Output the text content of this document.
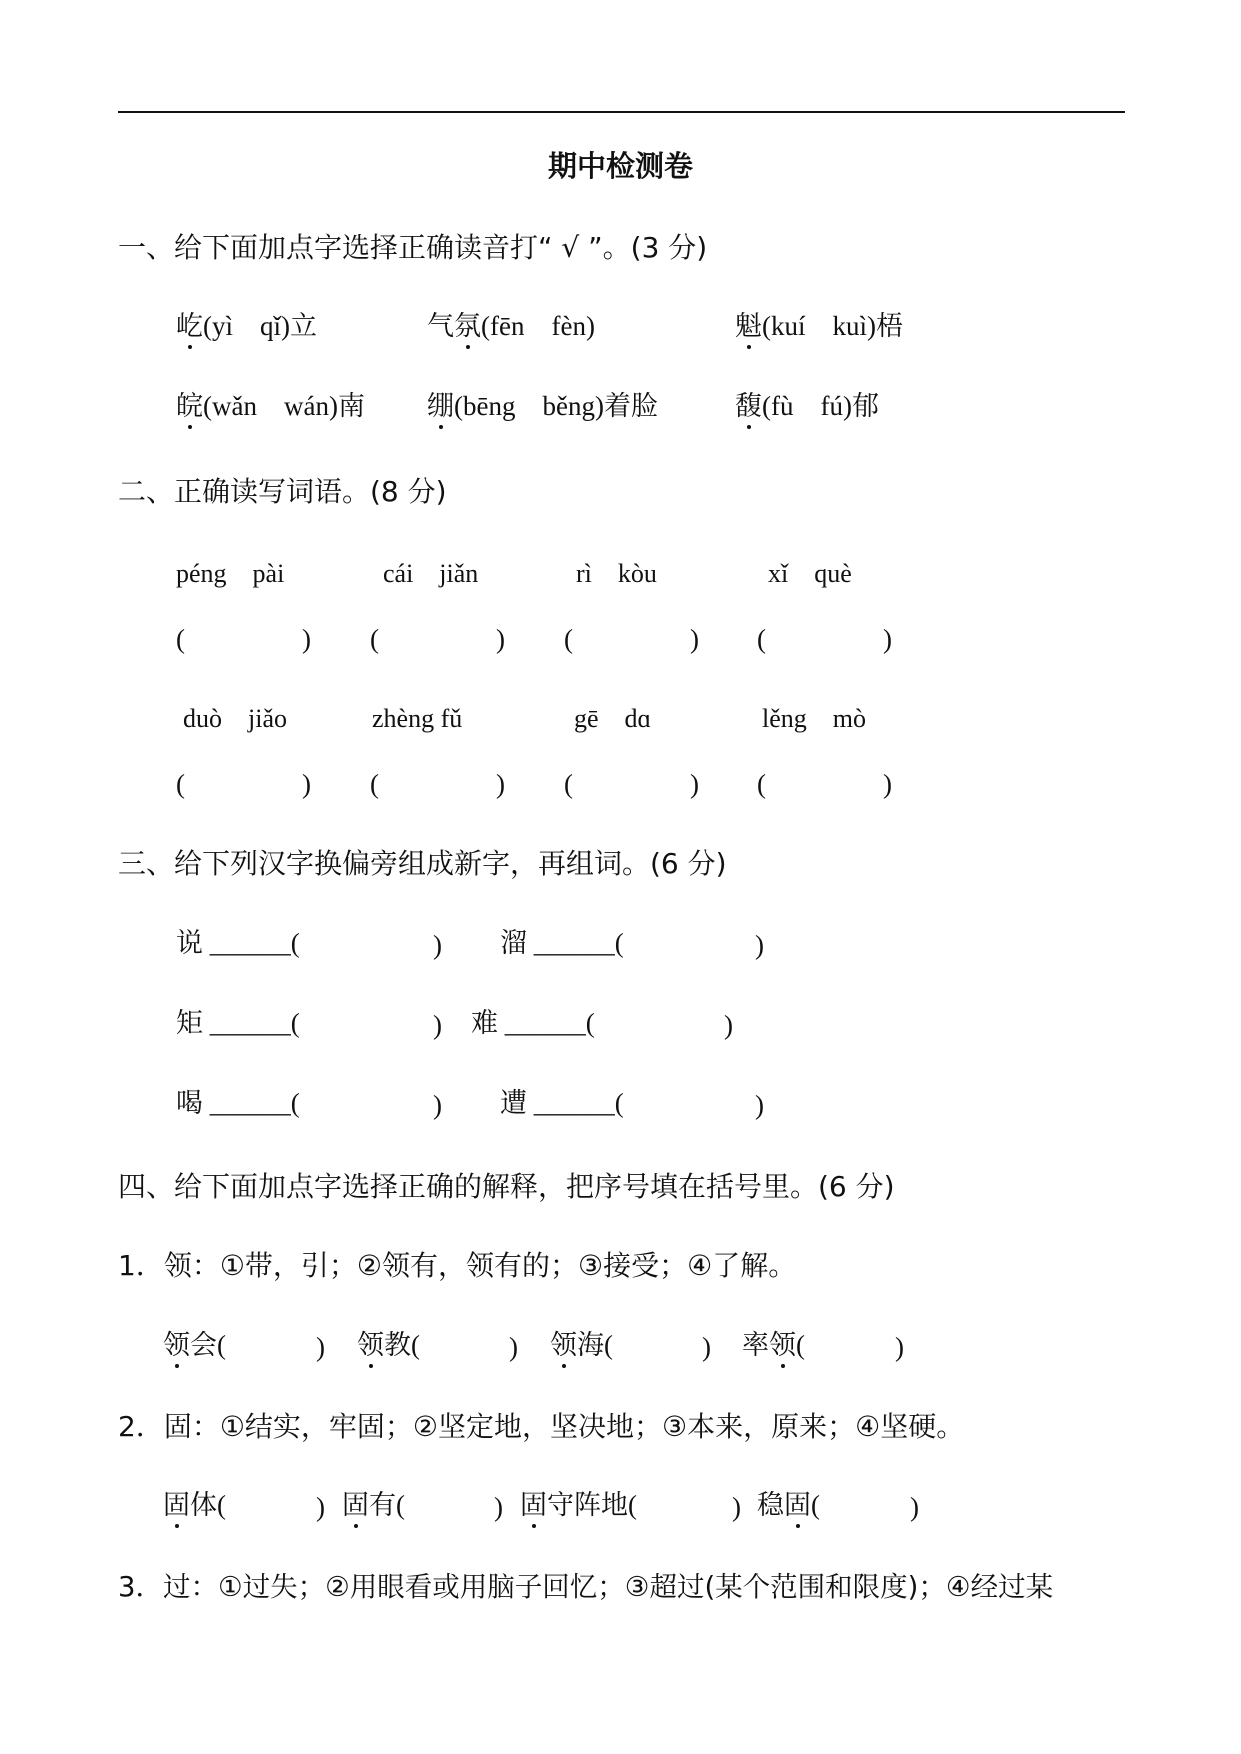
期中检测卷
一、给下面加点字选择正确读音打“ √ ”。(3 分)
屹(yì　qǐ)立	气氛(fēn　fèn)	魁(kuí　kuì)梧
皖(wǎn　wán)南 绷(bēng　běng)着脸	馥(fù　fú)郁
二、正确读写词语。(8 分)
péng　pài	cái　jiǎn	rì　kòu	xǐ　què
(	) (	) (	) (	)
duò　jiǎo	zhèng fǔ	gē　dɑ	lěng　mò
(	) (	) (	) (	)
三、给下列汉字换偏旁组成新字，再组词。(6 分)
说 ______(	) 溜 ______(	)
矩 ______(	) 难 ______(	)
喝 ______(	) 遭 ______(	)
四、给下面加点字选择正确的解释，把序号填在括号里。(6 分)
1．领：①带，引；②领有，领有的；③接受；④了解。
领会(	) 领教(	) 领海(	) 率领(	)
2．固：①结实，牢固；②坚定地，坚决地；③本来，原来；④坚硬。
固体(	) 固有(	) 固守阵地(	) 稳固(	)
3．过：①过失；②用眼看或用脑子回忆；③超过(某个范围和限度)；④经过某
